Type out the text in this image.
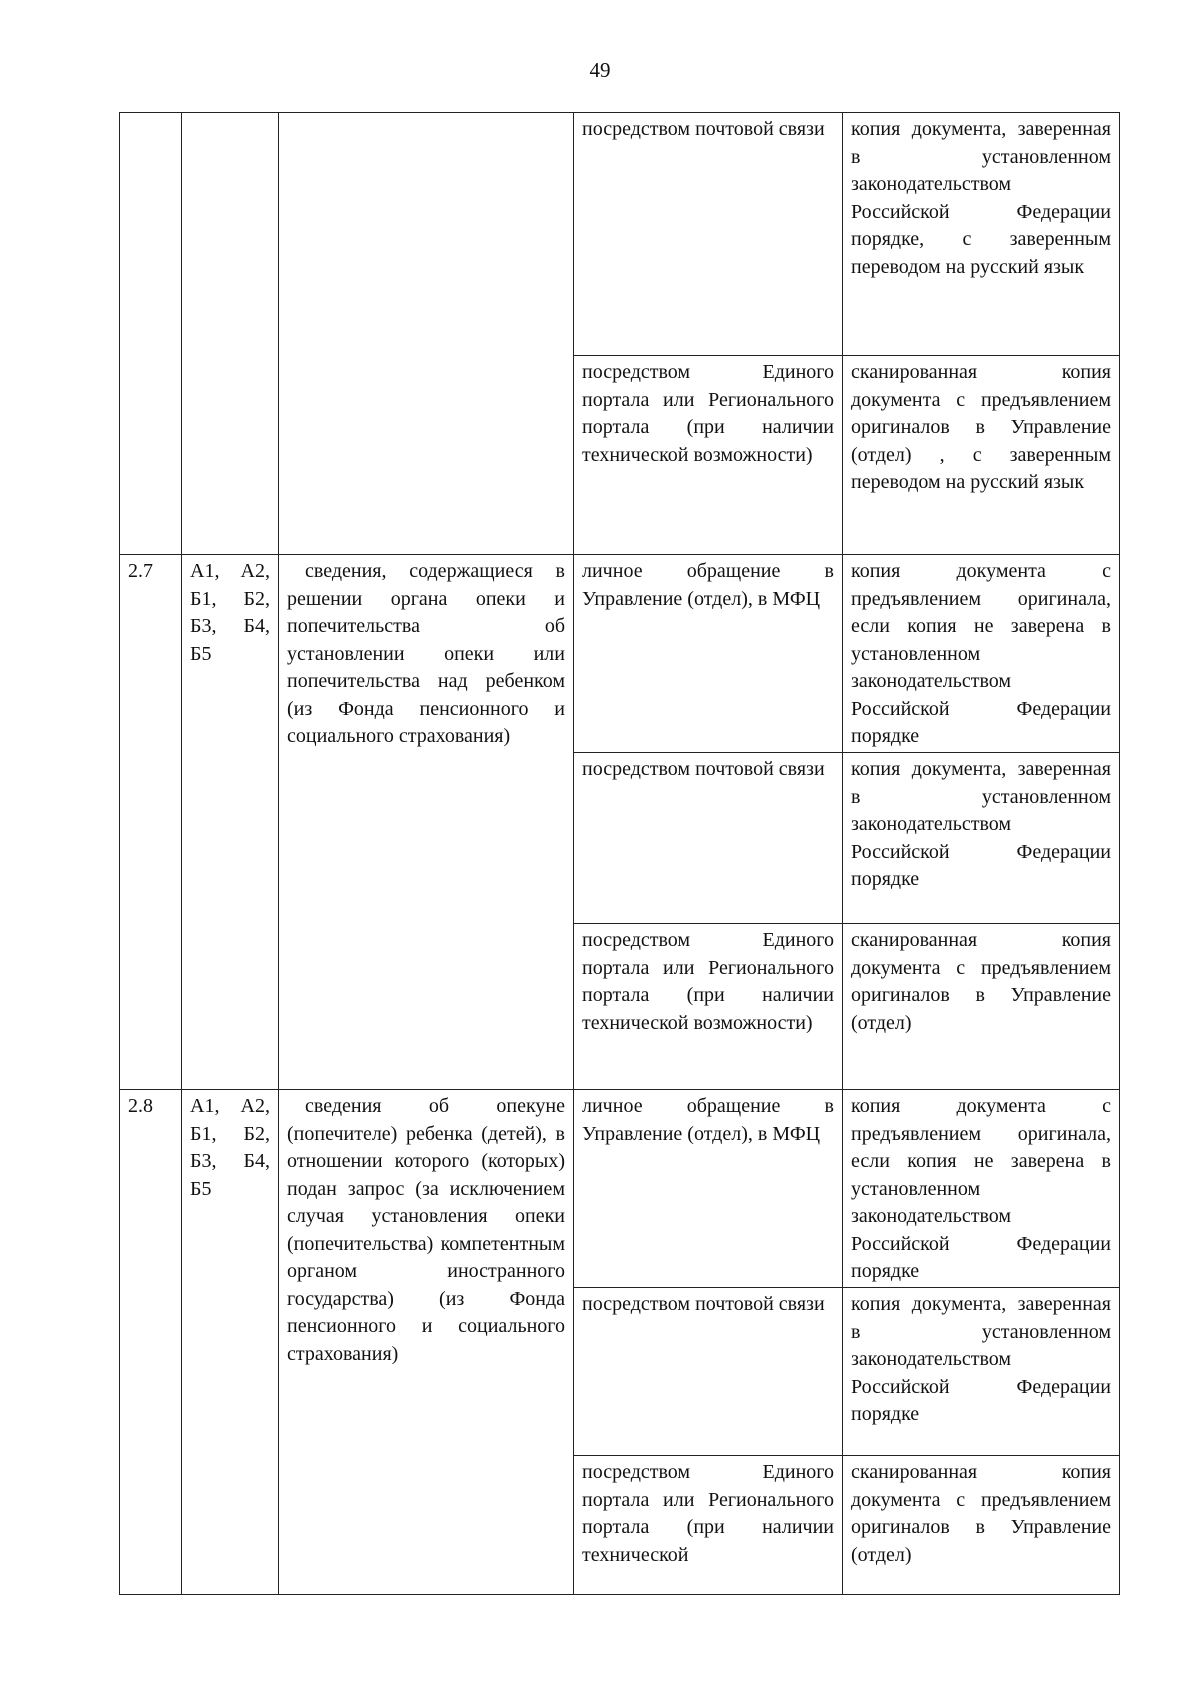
49
			посредством почтовой связи	копия документа, заверенная в установленном законодательством Российской Федерации порядке, с заверенным переводом на русский язык
			посредством Единого портала или Регионального портала (при наличии технической возможности)	сканированная копия документа с предъявлением оригиналов в Управление (отдел) , с заверенным переводом на русский язык
2.7	А1, А2, Б1, Б2, Б3, Б4, Б5	сведения, содержащиеся в решении органа опеки и попечительства об установлении опеки или попечительства над ребенком (из Фонда пенсионного и социального страхования)	личное обращение в Управление (отдел), в МФЦ	копия документа с предъявлением оригинала, если копия не заверена в установленном законодательством Российской Федерации порядке
			посредством почтовой связи	копия документа, заверенная в установленном законодательством Российской Федерации порядке
			посредством Единого портала или Регионального портала (при наличии технической возможности)	сканированная копия документа с предъявлением оригиналов в Управление (отдел)
2.8	А1, А2, Б1, Б2, Б3, Б4, Б5	сведения об опекуне (попечителе) ребенка (детей), в отношении которого (которых) подан запрос (за исключением случая установления опеки (попечительства) компетентным органом иностранного государства) (из Фонда пенсионного и социального страхования)	личное обращение в Управление (отдел), в МФЦ	копия документа с предъявлением оригинала, если копия не заверена в установленном законодательством Российской Федерации порядке
			посредством почтовой связи	копия документа, заверенная в установленном законодательством Российской Федерации порядке
			посредством Единого портала или Регионального портала (при наличии технической	сканированная копия документа с предъявлением оригиналов в Управление (отдел)
